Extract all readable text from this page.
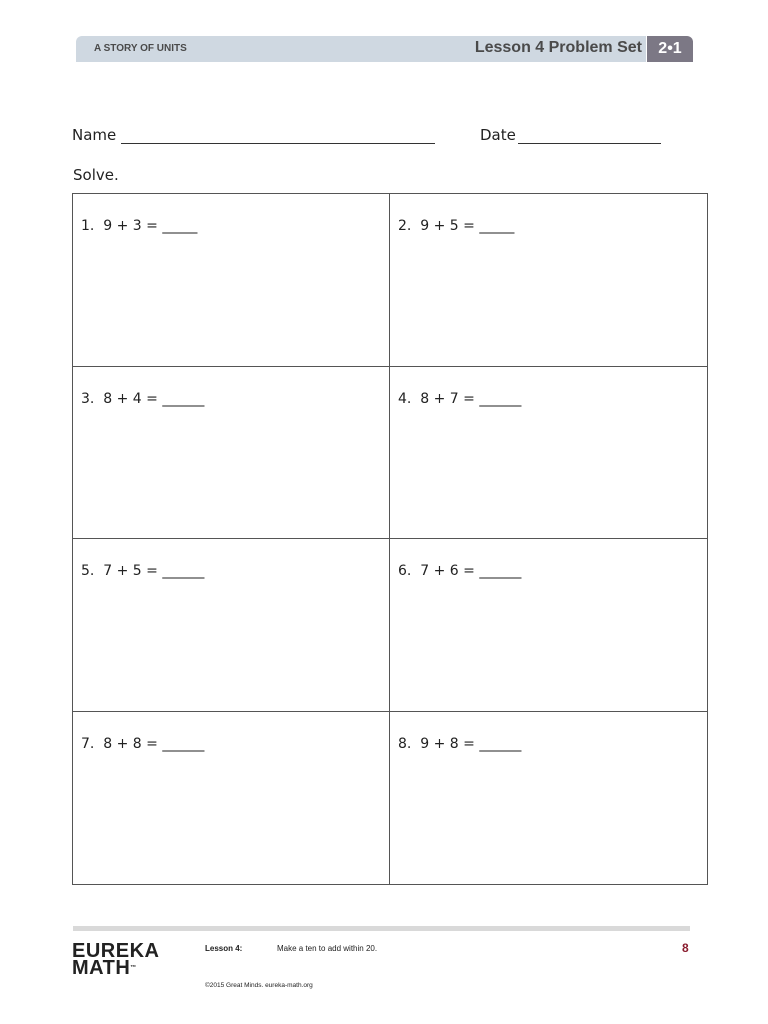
A STORY OF UNITS	Lesson 4 Problem Set	2•1
Name	Date
Solve.
1.  9 + 3 = _____	2.  9 + 5 = _____
3.  8 + 4 = ______	4.  8 + 7 = ______
5.  7 + 5 = ______	6.  7 + 6 = ______
7.  8 + 8 = ______	8.  9 + 8 = ______
EUREKA
MATH™
Lesson 4:	Make a ten to add within 20.	8
©2015 Great Minds. eureka-math.org
